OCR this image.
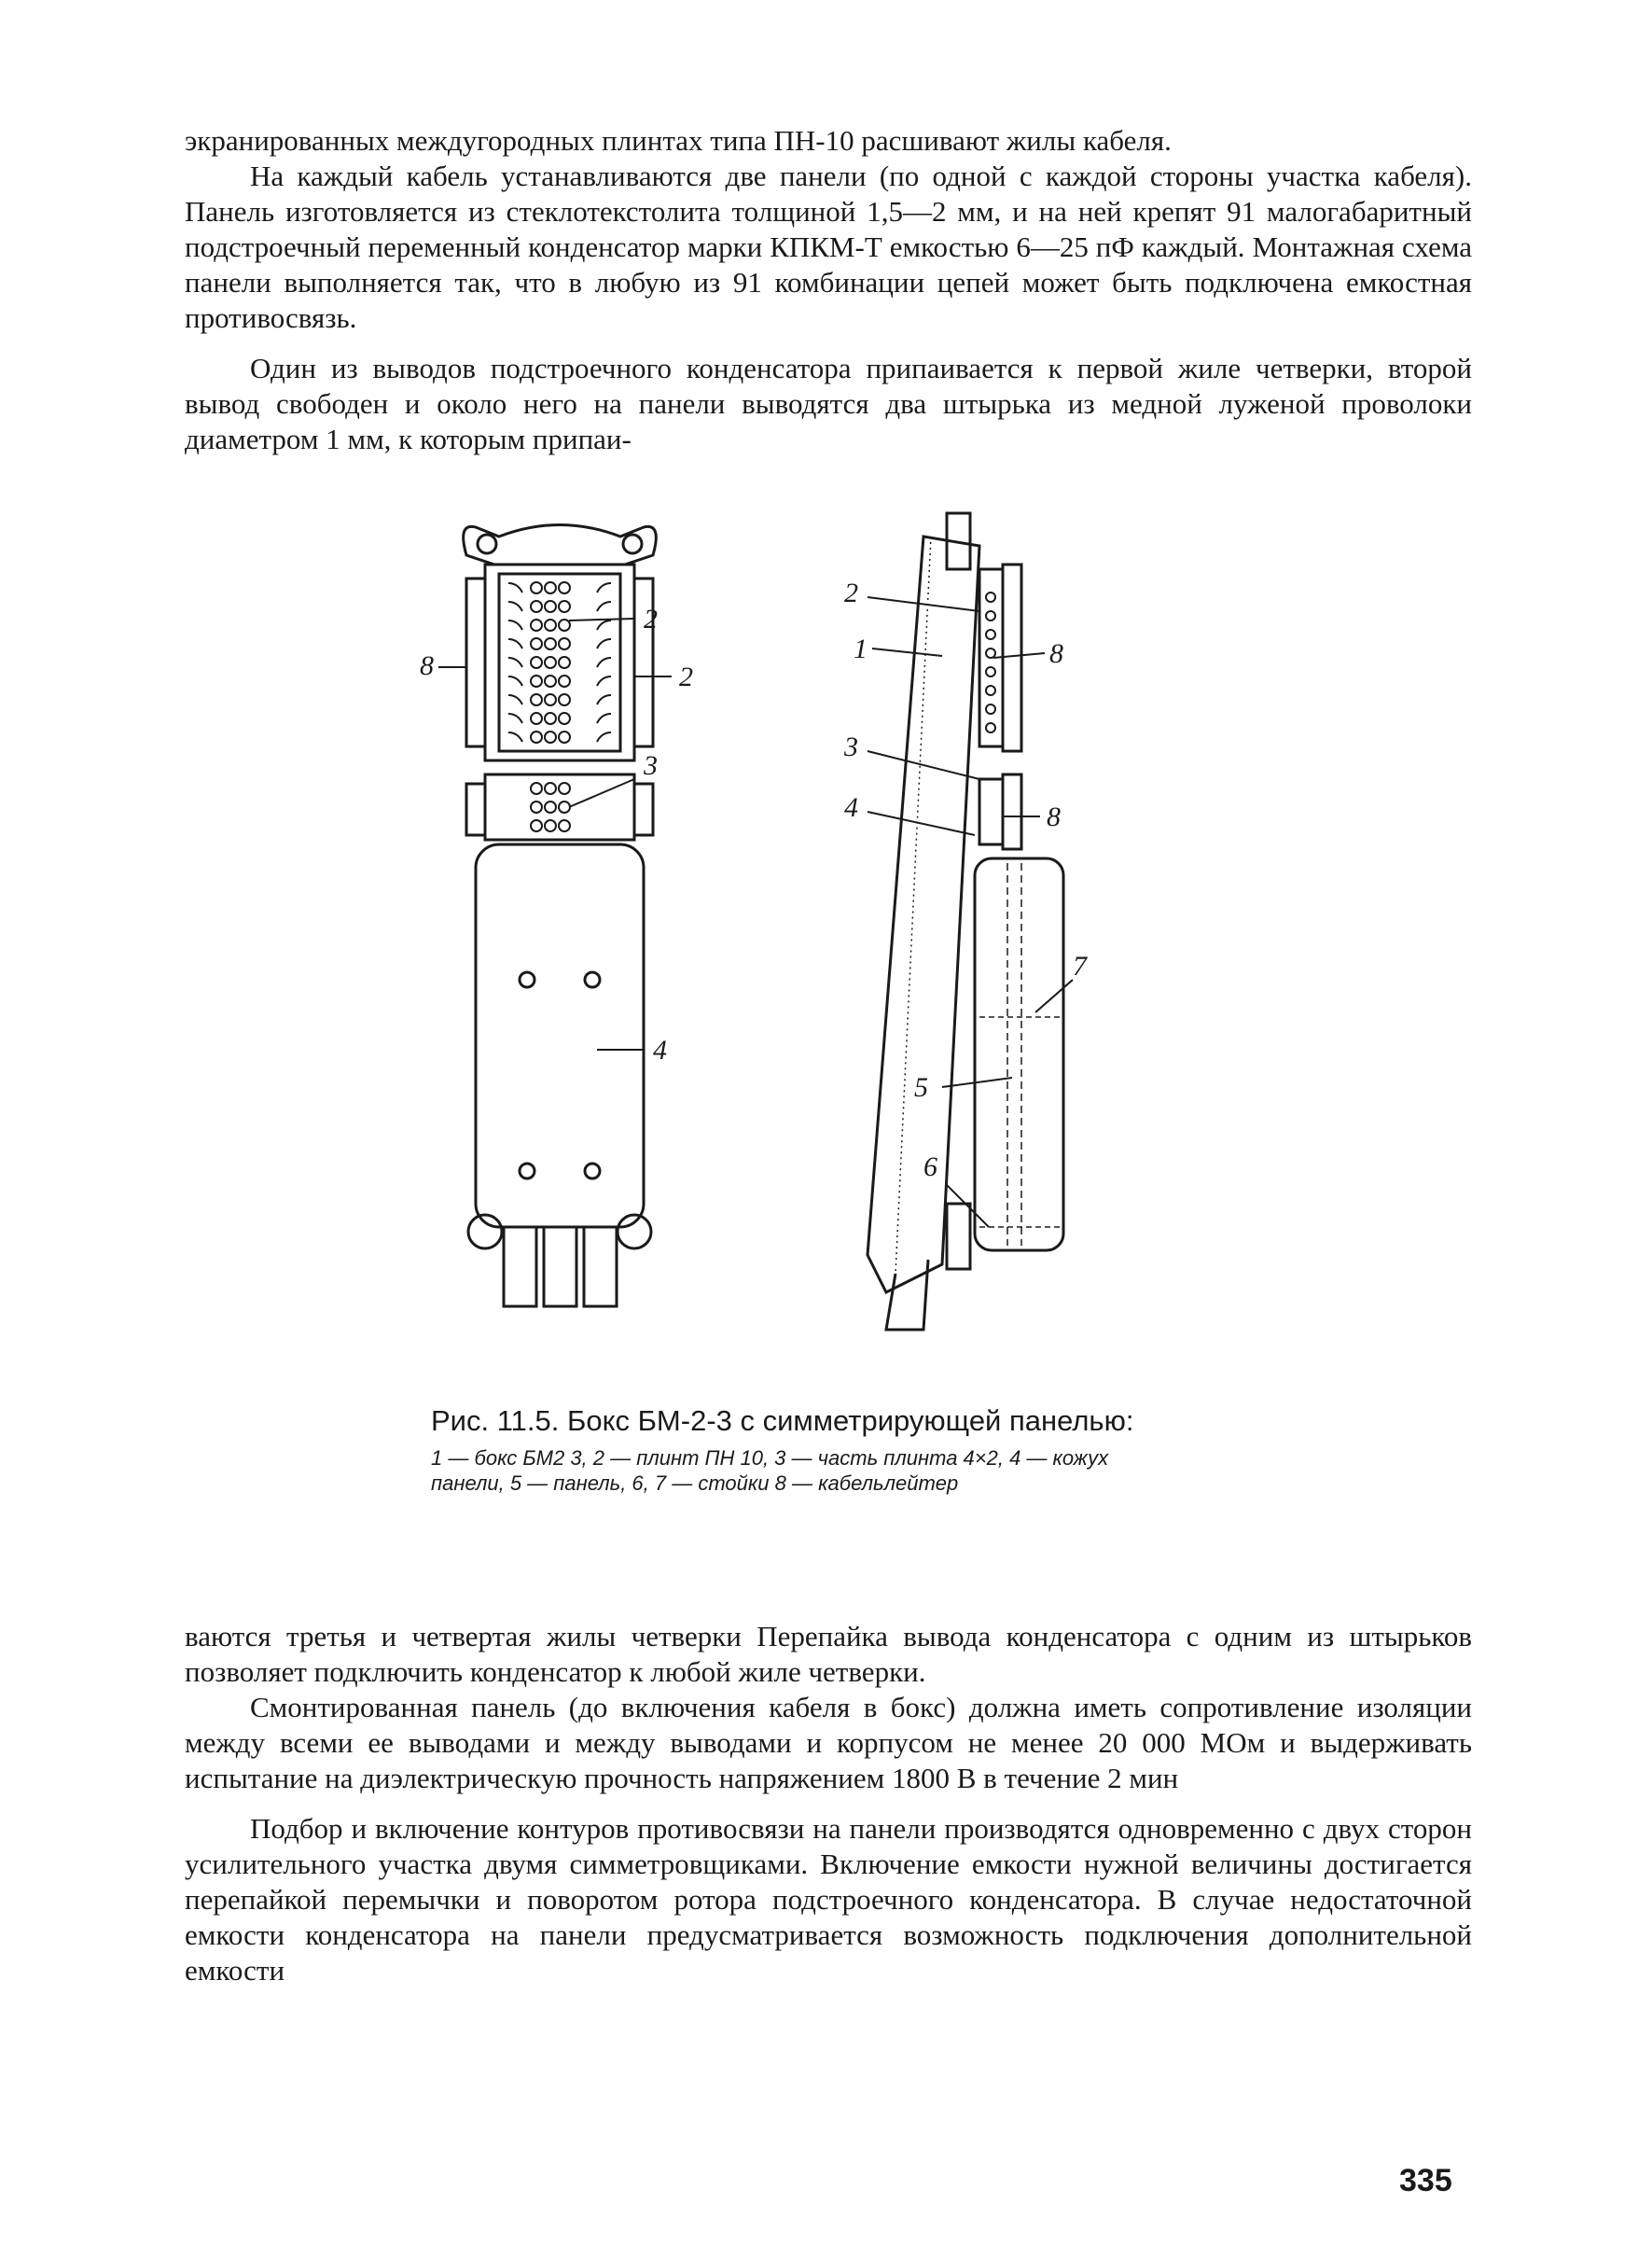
экранированных междугородных плинтах типа ПН-10 расшивают жилы кабеля.

На каждый кабель устанавливаются две панели (по одной с каждой стороны участка кабеля). Панель изготовляется из стеклотекстолита толщиной 1,5—2 мм, и на ней крепят 91 малогабаритный подстроечный переменный конденсатор марки КПКМ-Т емкостью 6—25 пФ каждый. Монтажная схема панели выполняется так, что в любую из 91 комбинации цепей может быть подключена емкостная противосвязь.

Один из выводов подстроечного конденсатора припаивается к первой жиле четверки, второй вывод свободен и около него на панели выводятся два штырька из медной луженой проволоки диаметром 1 мм, к которым припаи-

8
2
2
3
4
2
1	8
3
8
4
7
5
6

Рис. 11.5. Бокс БМ-2-3 с симметрирующей панелью:

1 — бокс БМ2 3, 2 — плинт ПН 10, 3 — часть плинта 4×2, 4 — кожух панели, 5 — панель, 6, 7 — стойки 8 — кабельлейтер

ваются третья и четвертая жилы четверки Перепайка вывода конденсатора с одним из штырьков позволяет подключить конденсатор к любой жиле четверки.

Смонтированная панель (до включения кабеля в бокс) должна иметь сопротивление изоляции между всеми ее выводами и между выводами и корпусом не менее 20 000 МОм и выдерживать испытание на диэлектрическую прочность напряжением 1800 В в течение 2 мин

Подбор и включение контуров противосвязи на панели производятся одновременно с двух сторон усилительного участка двумя симметровщиками. Включение емкости нужной величины достигается перепайкой перемычки и поворотом ротора подстроечного конденсатора. В случае недостаточной емкости конденсатора на панели предусматривается возможность подключения дополнительной емкости

335
